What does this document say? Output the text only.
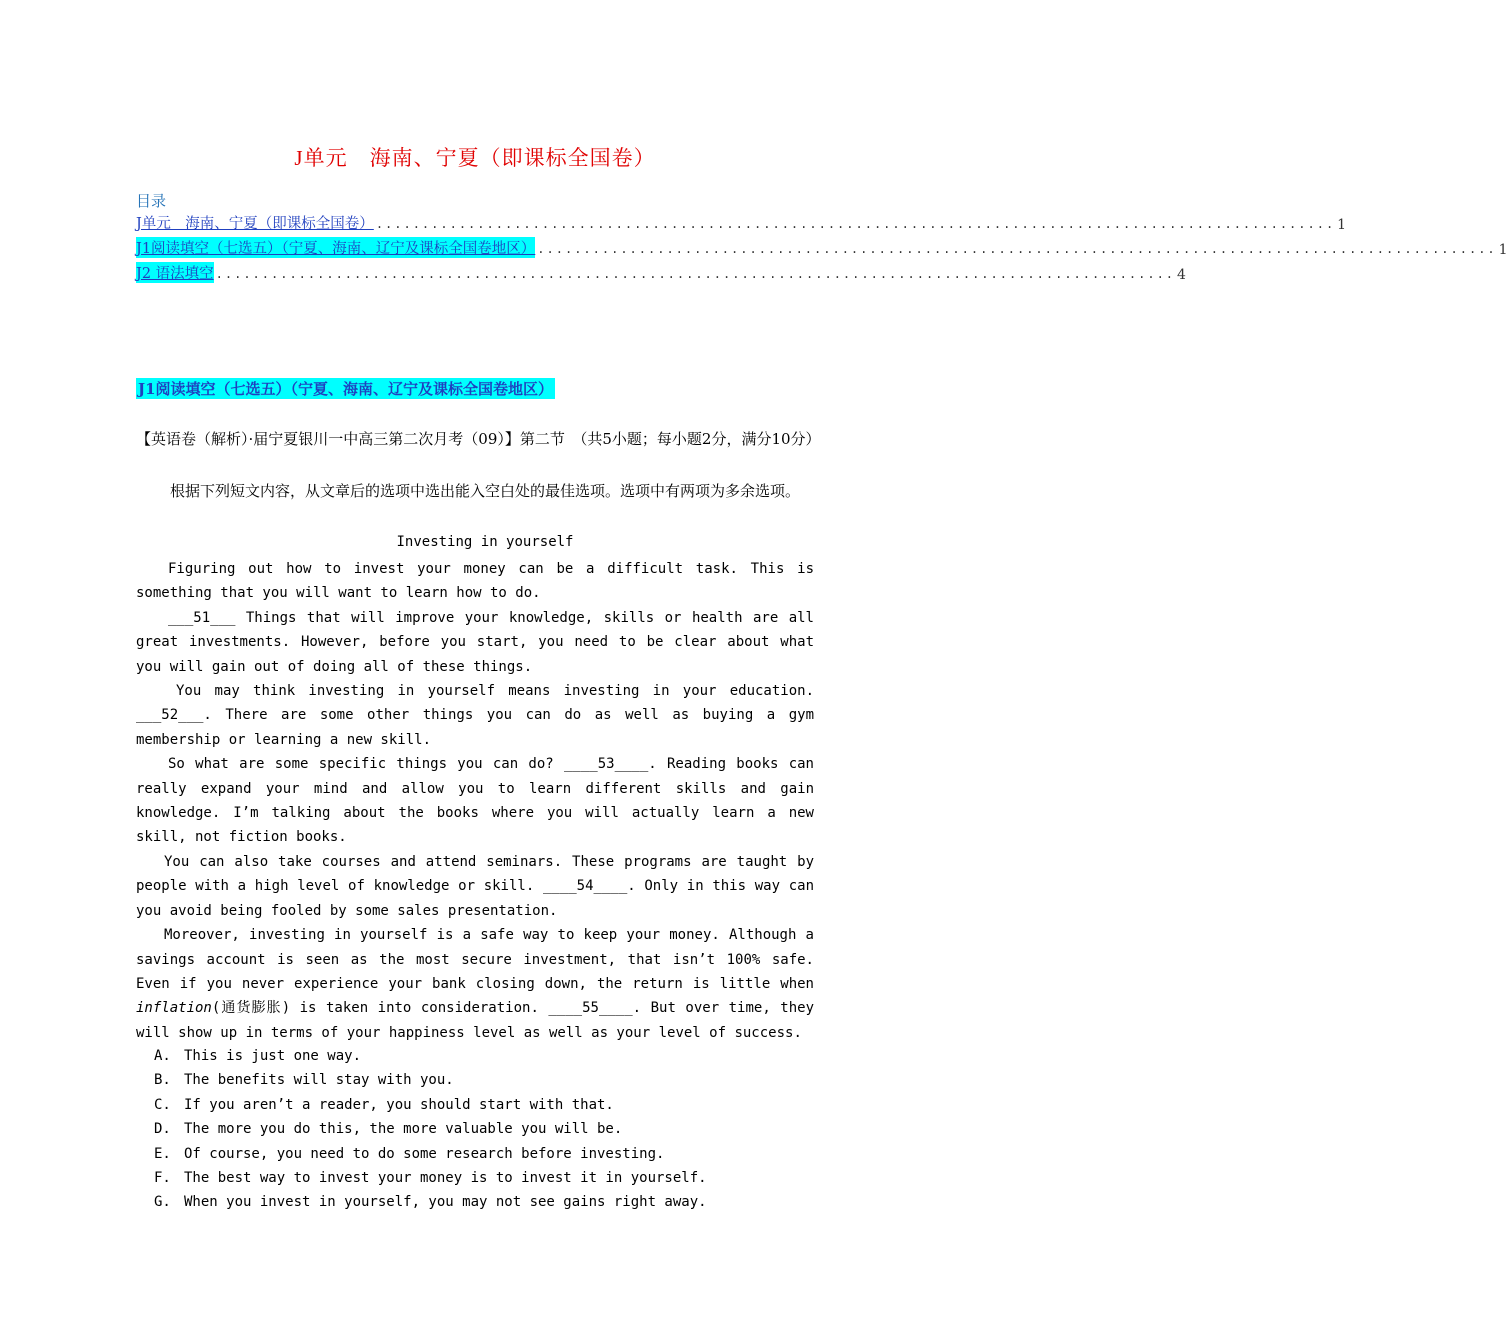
J单元　海南、宁夏（即课标全国卷）
目录
J单元　海南、宁夏（即课标全国卷） ........................................................................................................ 1
J1阅读填空（七选五）（宁夏、海南、辽宁及课标全国卷地区） ........................................................................................................ 1
J2 语法填空 ........................................................................................................ 4
J1阅读填空（七选五）（宁夏、海南、辽宁及课标全国卷地区）
【英语卷（解析）·届宁夏银川一中高三第二次月考（09）】第二节　（共5小题；每小题2分，满分10分）
根据下列短文内容，从文章后的选项中选出能入空白处的最佳选项。选项中有两项为多余选项。
Investing in yourself

Figuring out how to invest your money can be a difficult task. This is something that you will want to learn how to do.

___51___ Things that will improve your knowledge, skills or health are all great investments. However, before you start, you need to be clear about what you will gain out of doing all of these things.

You may think investing in yourself means investing in your education. ___52___. There are some other things you can do as well as buying a gym membership or learning a new skill.

So what are some specific things you can do? ____53____. Reading books can really expand your mind and allow you to learn different skills and gain knowledge. I’m talking about the books where you will actually learn a new skill, not fiction books.

You can also take courses and attend seminars. These programs are taught by people with a high level of knowledge or skill. ____54____. Only in this way can you avoid being fooled by some sales presentation.

Moreover, investing in yourself is a safe way to keep your money. Although a savings account is seen as the most secure investment, that isn’t 100% safe. Even if you never experience your bank closing down, the return is little when inflation(通货膨胀) is taken into consideration. ____55____. But over time, they will show up in terms of your happiness level as well as your level of success.

A. This is just one way.
B. The benefits will stay with you.
C. If you aren’t a reader, you should start with that.
D. The more you do this, the more valuable you will be.
E. Of course, you need to do some research before investing.
F. The best way to invest your money is to invest it in yourself.
G. When you invest in yourself, you may not see gains right away.
